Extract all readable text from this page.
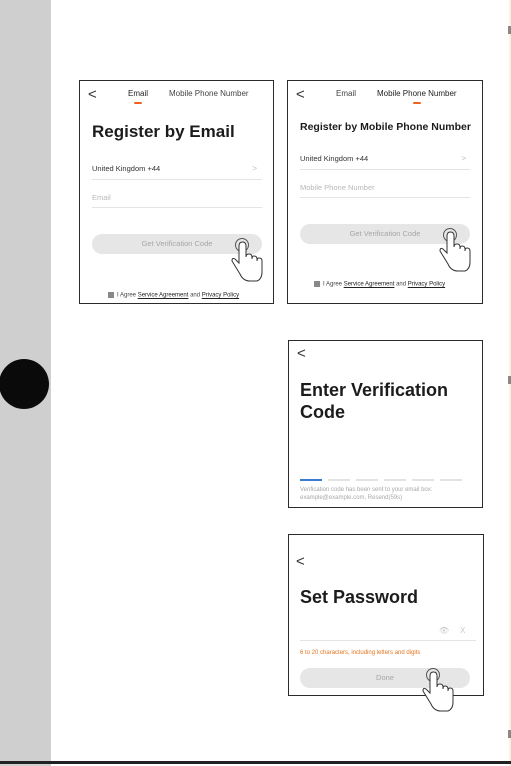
<	Email	Mobile Phone Number
Register by Email
United Kingdom +44	>
Email
Get Verification Code
I Agree Service Agreement and Privacy Policy
<	Email	Mobile Phone Number
Register by Mobile Phone Number
United Kingdom +44	>
Mobile Phone Number
Get Verification Code
I Agree Service Agreement and Privacy Policy
<
Enter Verification
Code
Verification code has been sent to your email box:
example@example.com, Resend(59s)
<
Set Password
👁 X
6 to 20 characters, including letters and digits
Done
